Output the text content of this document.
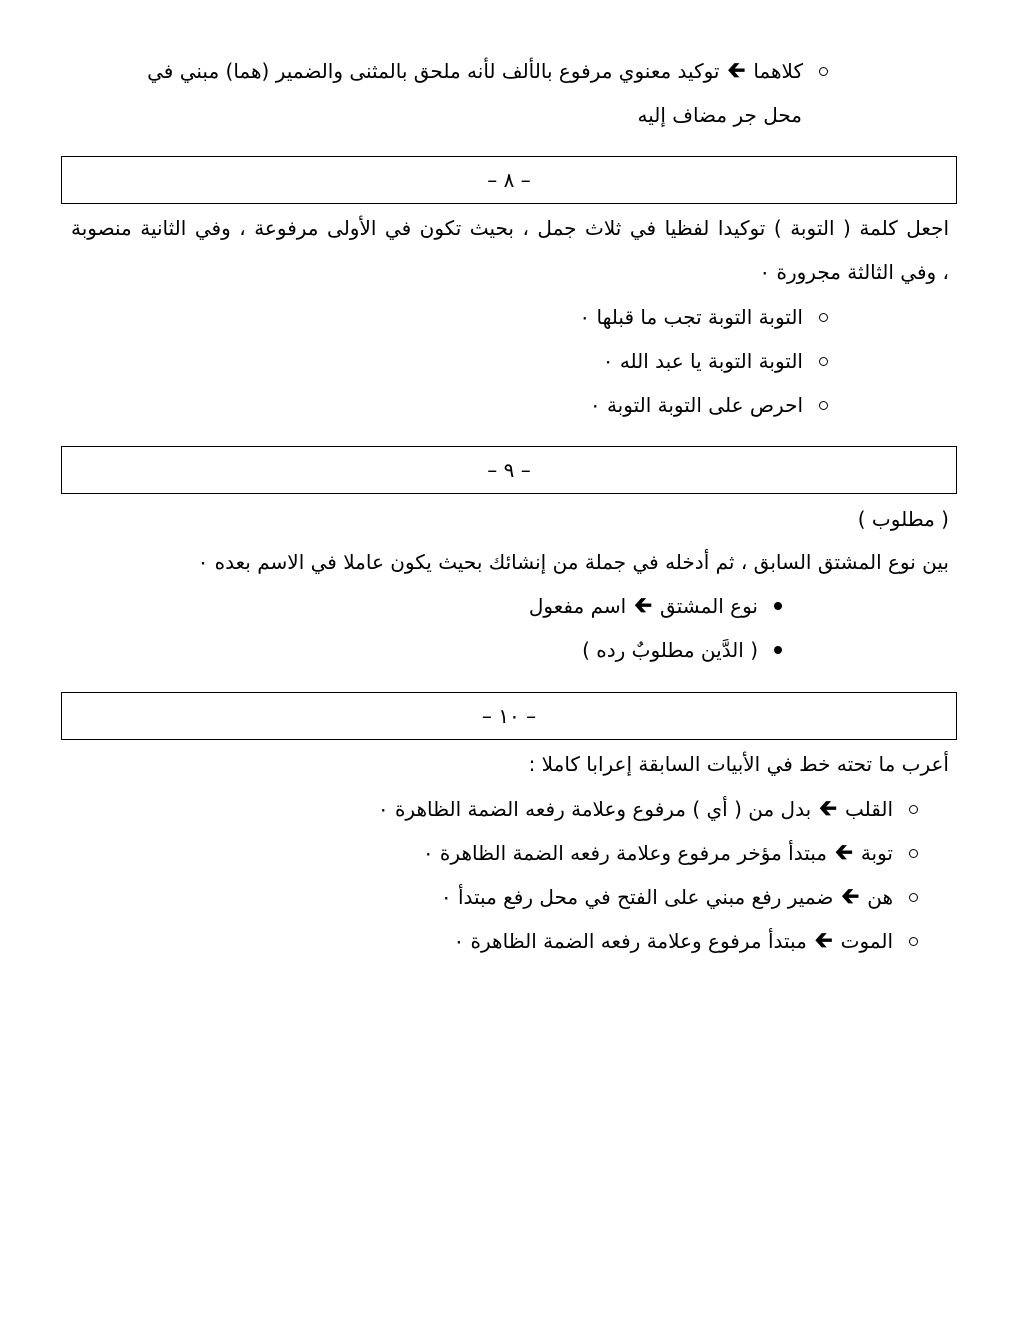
كلاهما
🡰
توكيد معنوي مرفوع بالألف لأنه ملحق بالمثنى والضمير (هما) مبني في
محل جر مضاف إليه
– ٨ –
اجعل كلمة ( التوبة ) توكيدا لفظيا في ثلاث جمل ، بحيث تكون في الأولى مرفوعة ، وفي الثانية منصوبة
، وفي الثالثة مجرورة ٠
التوبة التوبة تجب ما قبلها ٠
التوبة التوبة يا عبد الله ٠
احرص على التوبة التوبة ٠
– ٩ –
( مطلوب )
بين نوع المشتق السابق ، ثم أدخله في جملة من إنشائك بحيث يكون عاملا في الاسم بعده ٠
نوع المشتق
🡰
اسم مفعول
( الدَّين مطلوبٌ رده )
– ١٠ –
أعرب ما تحته خط في الأبيات السابقة إعرابا كاملا :
القلب
🡰
بدل من ( أي ) مرفوع وعلامة رفعه الضمة الظاهرة ٠
توبة
🡰
مبتدأ مؤخر مرفوع وعلامة رفعه الضمة الظاهرة ٠
هن
🡰
ضمير رفع مبني على الفتح في محل رفع مبتدأ ٠
الموت
🡰
مبتدأ مرفوع وعلامة رفعه الضمة الظاهرة ٠
